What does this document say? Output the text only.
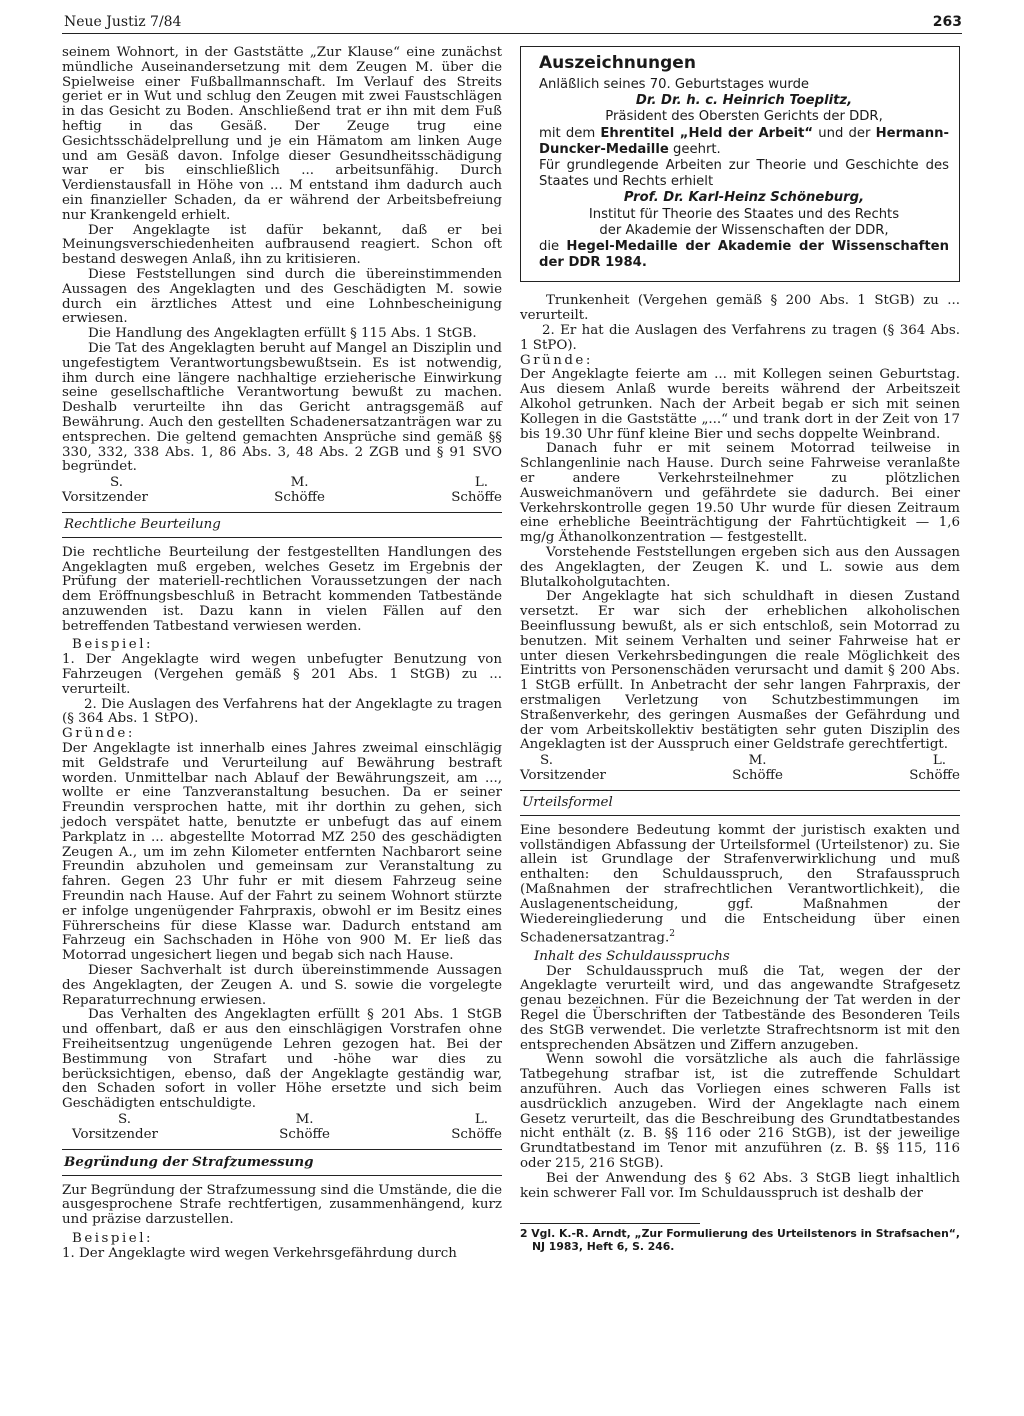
Neue Justiz 7/84	263

seinem Wohnort, in der Gaststätte „Zur Klause“ eine zunächst mündliche Auseinandersetzung mit dem Zeugen M. über die Spielweise einer Fußballmannschaft. Im Verlauf des Streits geriet er in Wut und schlug den Zeugen mit zwei Faustschlägen in das Gesicht zu Boden. Anschließend trat er ihn mit dem Fuß heftig in das Gesäß. Der Zeuge trug eine Gesichtsschädelprellung und je ein Hämatom am linken Auge und am Gesäß davon. Infolge dieser Gesundheitsschädigung war er bis einschließlich ... arbeitsunfähig. Durch Verdienstausfall in Höhe von ... M entstand ihm dadurch auch ein finanzieller Schaden, da er während der Arbeitsbefreiung nur Krankengeld erhielt.

Der Angeklagte ist dafür bekannt, daß er bei Meinungsverschiedenheiten aufbrausend reagiert. Schon oft bestand deswegen Anlaß, ihn zu kritisieren.

Diese Feststellungen sind durch die übereinstimmenden Aussagen des Angeklagten und des Geschädigten M. sowie durch ein ärztliches Attest und eine Lohnbescheinigung erwiesen.

Die Handlung des Angeklagten erfüllt § 115 Abs. 1 StGB.

Die Tat des Angeklagten beruht auf Mangel an Disziplin und ungefestigtem Verantwortungsbewußtsein. Es ist notwendig, ihm durch eine längere nachhaltige erzieherische Einwirkung seine gesellschaftliche Verantwortung bewußt zu machen. Deshalb verurteilte ihn das Gericht antragsgemäß auf Bewährung. Auch den gestellten Schadenersatzanträgen war zu entsprechen. Die geltend gemachten Ansprüche sind gemäß §§ 330, 332, 338 Abs. 1, 86 Abs. 3, 48 Abs. 2 ZGB und § 91 SVO begründet.

S.
Vorsitzender
M.
Schöffe
L.
Schöffe
Rechtliche Beurteilung

Die rechtliche Beurteilung der festgestellten Handlungen des Angeklagten muß ergeben, welches Gesetz im Ergebnis der Prüfung der materiell-rechtlichen Voraussetzungen der nach dem Eröffnungsbeschluß in Betracht kommenden Tatbestände anzuwenden ist. Dazu kann in vielen Fällen auf den betreffenden Tatbestand verwiesen werden.

Beispiel:

1. Der Angeklagte wird wegen unbefugter Benutzung von Fahrzeugen (Vergehen gemäß § 201 Abs. 1 StGB) zu ... verurteilt.

2. Die Auslagen des Verfahrens hat der Angeklagte zu tragen (§ 364 Abs. 1 StPO).

Gründe:

Der Angeklagte ist innerhalb eines Jahres zweimal einschlägig mit Geldstrafe und Verurteilung auf Bewährung bestraft worden. Unmittelbar nach Ablauf der Bewährungszeit, am ..., wollte er eine Tanzveranstaltung besuchen. Da er seiner Freundin versprochen hatte, mit ihr dorthin zu gehen, sich jedoch verspätet hatte, benutzte er unbefugt das auf einem Parkplatz in ... abgestellte Motorrad MZ 250 des geschädigten Zeugen A., um im zehn Kilometer entfernten Nachbarort seine Freundin abzuholen und gemeinsam zur Veranstaltung zu fahren. Gegen 23 Uhr fuhr er mit diesem Fahrzeug seine Freundin nach Hause. Auf der Fahrt zu seinem Wohnort stürzte er infolge ungenügender Fahrpraxis, obwohl er im Besitz eines Führerscheins für diese Klasse war. Dadurch entstand am Fahrzeug ein Sachschaden in Höhe von 900 M. Er ließ das Motorrad ungesichert liegen und begab sich nach Hause.

Dieser Sachverhalt ist durch übereinstimmende Aussagen des Angeklagten, der Zeugen A. und S. sowie die vorgelegte Reparaturrechnung erwiesen.

Das Verhalten des Angeklagten erfüllt § 201 Abs. 1 StGB und offenbart, daß er aus den einschlägigen Vorstrafen ohne Freiheitsentzug ungenügende Lehren gezogen hat. Bei der Bestimmung von Strafart und -höhe war dies zu berücksichtigen, ebenso, daß der Angeklagte geständig war, den Schaden sofort in voller Höhe ersetzte und sich beim Geschädigten entschuldigte.

S.
Vorsitzender
M.
Schöffe
L.
Schöffe
Begründung der Strafzumessung

Zur Begründung der Strafzumessung sind die Umstände, die die ausgesprochene Strafe rechtfertigen, zusammenhängend, kurz und präzise darzustellen.

Beispiel:

1. Der Angeklagte wird wegen Verkehrsgefährdung durch

Auszeichnungen

Anläßlich seines 70. Geburtstages wurde

Dr. Dr. h. c. Heinrich Toeplitz,

Präsident des Obersten Gerichts der DDR,

mit dem Ehrentitel „Held der Arbeit“ und der Hermann-Duncker-Medaille geehrt.

Für grundlegende Arbeiten zur Theorie und Geschichte des Staates und Rechts erhielt

Prof. Dr. Karl-Heinz Schöneburg,

Institut für Theorie des Staates und des Rechts

der Akademie der Wissenschaften der DDR,

die Hegel-Medaille der Akademie der Wissenschaften der DDR 1984.

Trunkenheit (Vergehen gemäß § 200 Abs. 1 StGB) zu ... verurteilt.

2. Er hat die Auslagen des Verfahrens zu tragen (§ 364 Abs. 1 StPO).

Gründe:

Der Angeklagte feierte am ... mit Kollegen seinen Geburtstag. Aus diesem Anlaß wurde bereits während der Arbeitszeit Alkohol getrunken. Nach der Arbeit begab er sich mit seinen Kollegen in die Gaststätte „...“ und trank dort in der Zeit von 17 bis 19.30 Uhr fünf kleine Bier und sechs doppelte Weinbrand.

Danach fuhr er mit seinem Motorrad teilweise in Schlangenlinie nach Hause. Durch seine Fahrweise veranlaßte er andere Verkehrsteilnehmer zu plötzlichen Ausweichmanövern und gefährdete sie dadurch. Bei einer Verkehrskontrolle gegen 19.50 Uhr wurde für diesen Zeitraum eine erhebliche Beeinträchtigung der Fahrtüchtigkeit — 1,6 mg/g Äthanolkonzentration — festgestellt.

Vorstehende Feststellungen ergeben sich aus den Aussagen des Angeklagten, der Zeugen K. und L. sowie aus dem Blutalkoholgutachten.

Der Angeklagte hat sich schuldhaft in diesen Zustand versetzt. Er war sich der erheblichen alkoholischen Beeinflussung bewußt, als er sich entschloß, sein Motorrad zu benutzen. Mit seinem Verhalten und seiner Fahrweise hat er unter diesen Verkehrsbedingungen die reale Möglichkeit des Eintritts von Personenschäden verursacht und damit § 200 Abs. 1 StGB erfüllt. In Anbetracht der sehr langen Fahrpraxis, der erstmaligen Verletzung von Schutzbestimmungen im Straßenverkehr, des geringen Ausmaßes der Gefährdung und der vom Arbeitskollektiv bestätigten sehr guten Disziplin des Angeklagten ist der Ausspruch einer Geldstrafe gerechtfertigt.

S.
Vorsitzender
M.
Schöffe
L.
Schöffe
Urteilsformel

Eine besondere Bedeutung kommt der juristisch exakten und vollständigen Abfassung der Urteilsformel (Urteilstenor) zu. Sie allein ist Grundlage der Strafenverwirklichung und muß enthalten: den Schuldausspruch, den Strafausspruch (Maßnahmen der strafrechtlichen Verantwortlichkeit), die Auslagenentscheidung, ggf. Maßnahmen der Wiedereingliederung und die Entscheidung über einen Schadenersatzantrag.$^2$

Inhalt des Schuldausspruchs

Der Schuldausspruch muß die Tat, wegen der der Angeklagte verurteilt wird, und das angewandte Strafgesetz genau bezeichnen. Für die Bezeichnung der Tat werden in der Regel die Überschriften der Tatbestände des Besonderen Teils des StGB verwendet. Die verletzte Strafrechtsnorm ist mit den entsprechenden Absätzen und Ziffern anzugeben.

Wenn sowohl die vorsätzliche als auch die fahrlässige Tatbegehung strafbar ist, ist die zutreffende Schuldart anzuführen. Auch das Vorliegen eines schweren Falls ist ausdrücklich anzugeben. Wird der Angeklagte nach einem Gesetz verurteilt, das die Beschreibung des Grundtatbestandes nicht enthält (z. B. §§ 116 oder 216 StGB), ist der jeweilige Grundtatbestand im Tenor mit anzuführen (z. B. §§ 115, 116 oder 215, 216 StGB).

Bei der Anwendung des § 62 Abs. 3 StGB liegt inhaltlich kein schwerer Fall vor. Im Schuldausspruch ist deshalb der

2 Vgl. K.-R. Arndt, „Zur Formulierung des Urteilstenors in Strafsachen“, NJ 1983, Heft 6, S. 246.
